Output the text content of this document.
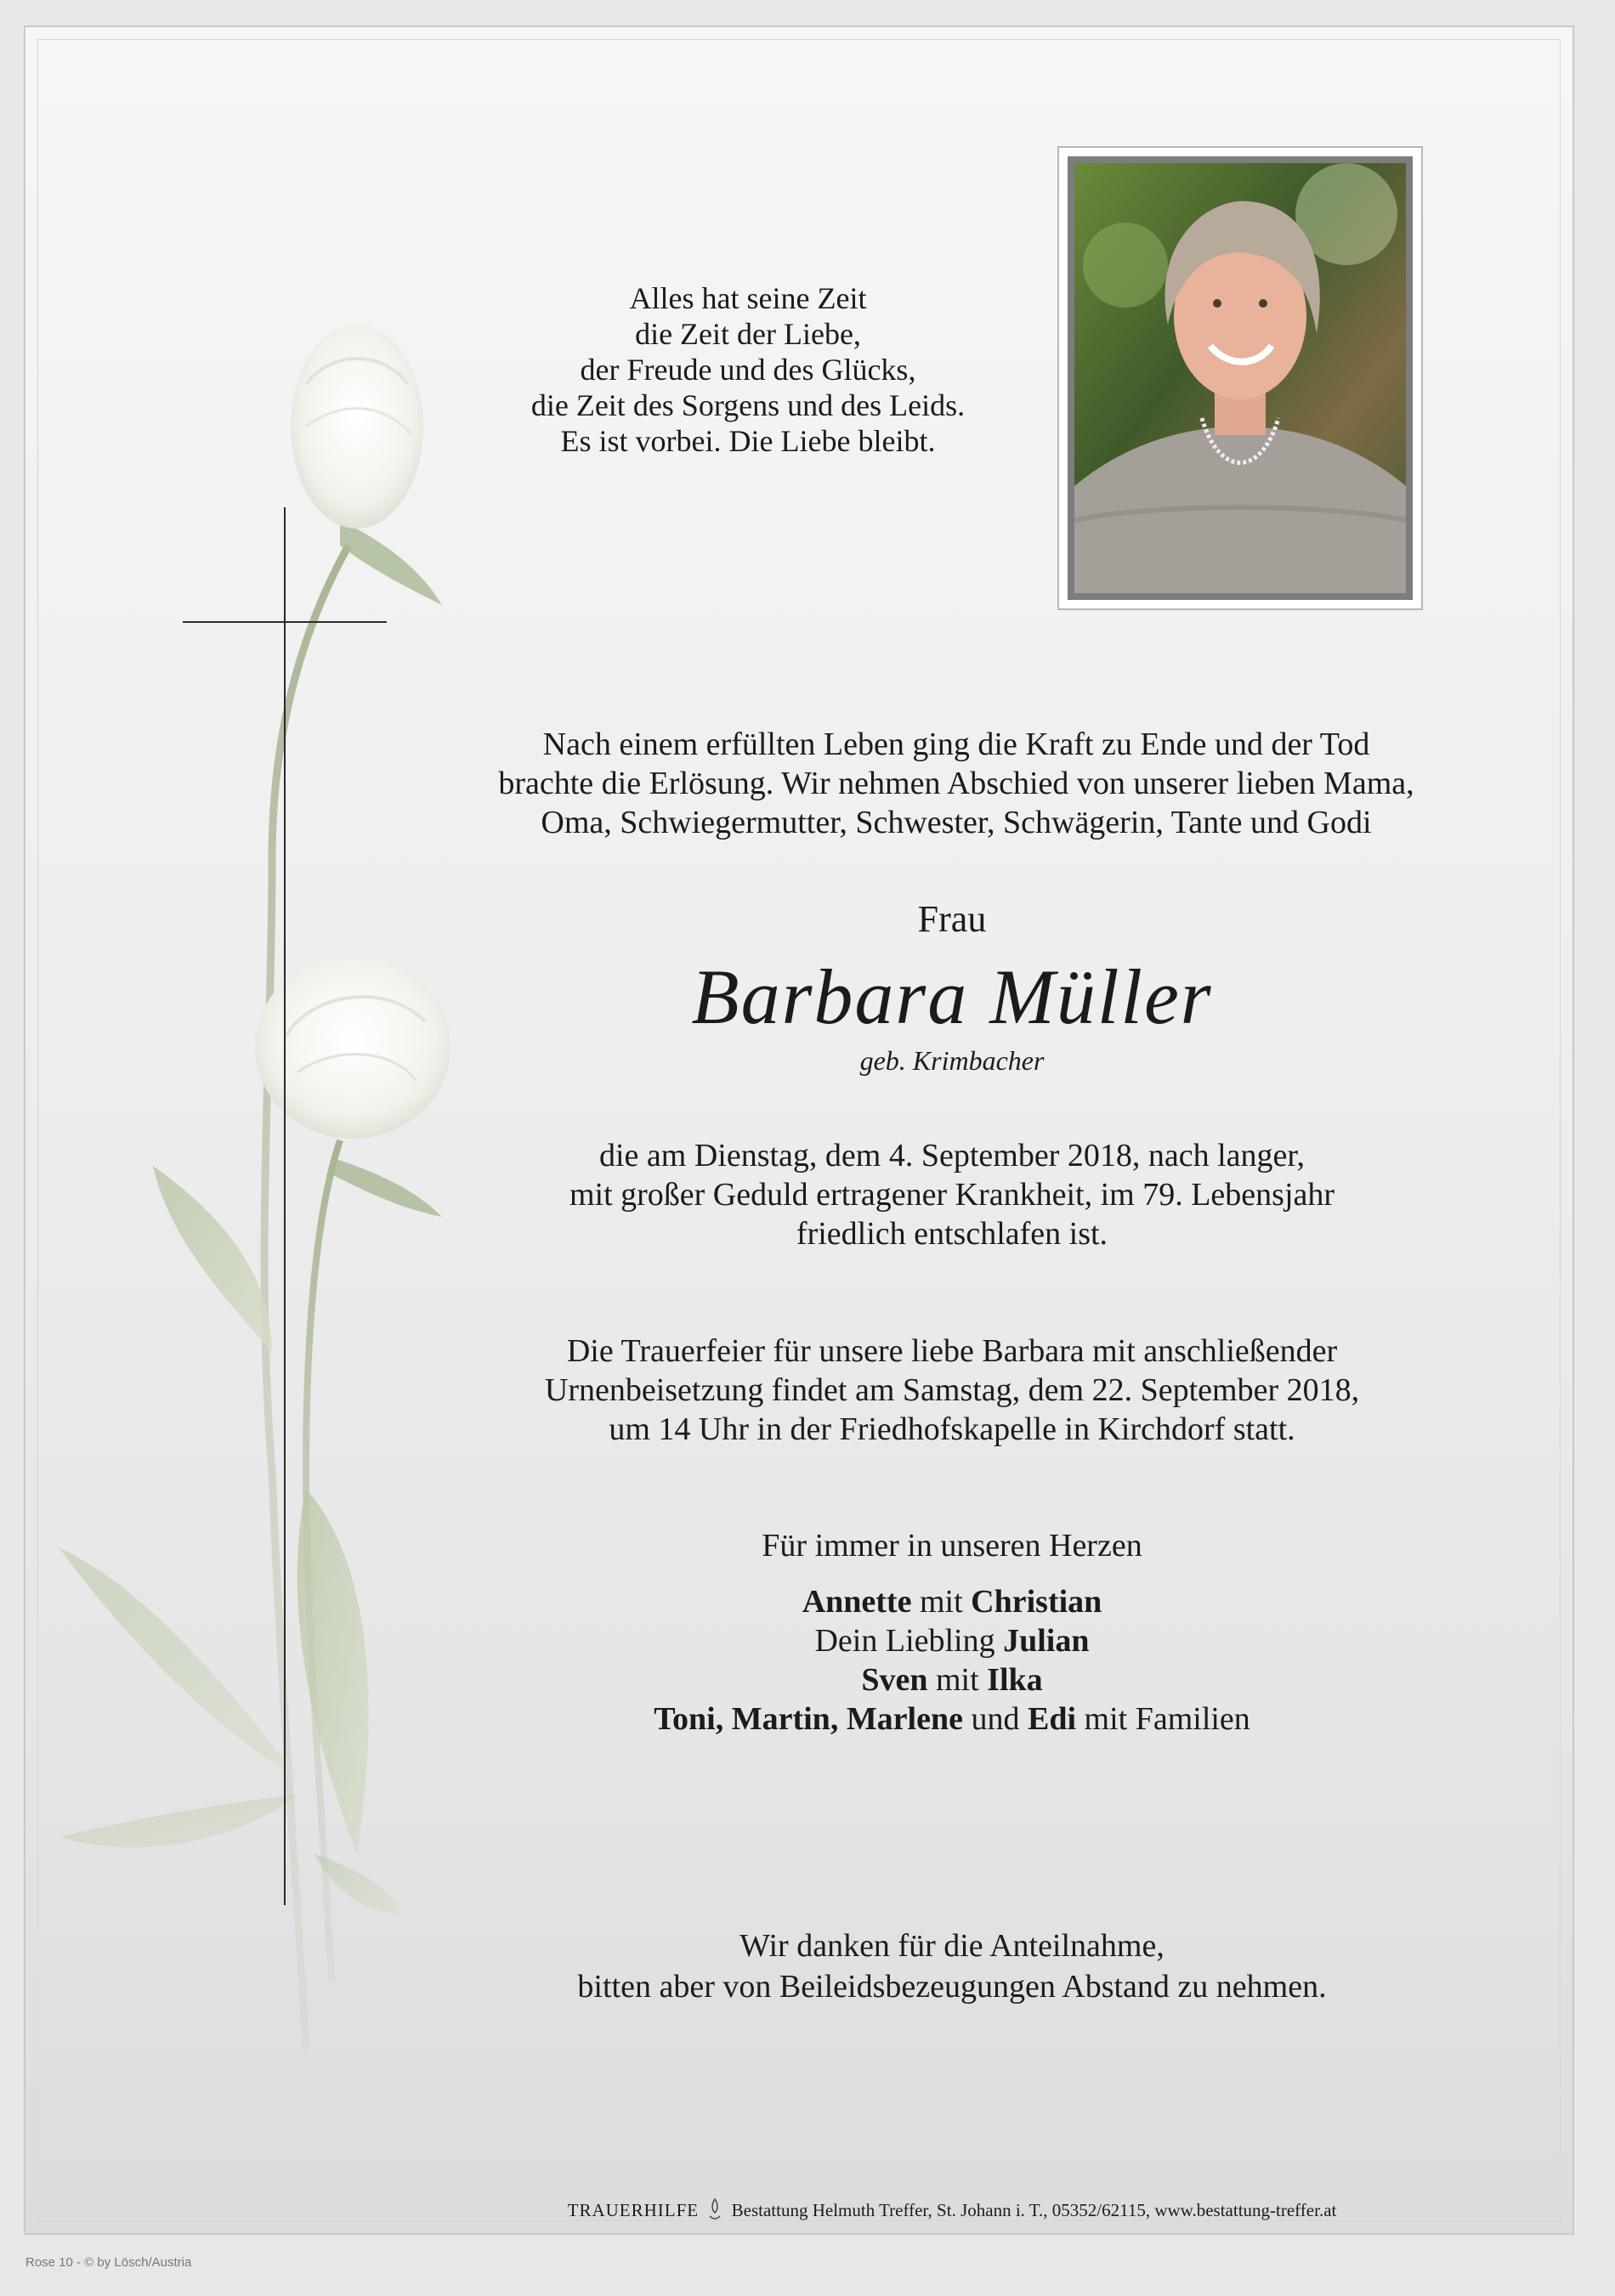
Alles hat seine Zeit
die Zeit der Liebe,
der Freude und des Glücks,
die Zeit des Sorgens und des Leids.
Es ist vorbei. Die Liebe bleibt.
Nach einem erfüllten Leben ging die Kraft zu Ende und der Tod
brachte die Erlösung. Wir nehmen Abschied von unserer lieben Mama,
Oma, Schwiegermutter, Schwester, Schwägerin, Tante und Godi
Frau
Barbara Müller
geb. Krimbacher
die am Dienstag, dem 4. September 2018, nach langer,
mit großer Geduld ertragener Krankheit, im 79. Lebensjahr
friedlich entschlafen ist.
Die Trauerfeier für unsere liebe Barbara mit anschließender
Urnenbeisetzung findet am Samstag, dem 22. September 2018,
um 14 Uhr in der Friedhofskapelle in Kirchdorf statt.
Für immer in unseren Herzen
Annette mit Christian
Dein Liebling Julian
Sven mit Ilka
Toni, Martin, Marlene und Edi mit Familien
Wir danken für die Anteilnahme,
bitten aber von Beileidsbezeugungen Abstand zu nehmen.
TRAUERHILFE Bestattung Helmuth Treffer, St. Johann i. T., 05352/62115, www.bestattung-treffer.at
Rose 10 - © by Lösch/Austria
